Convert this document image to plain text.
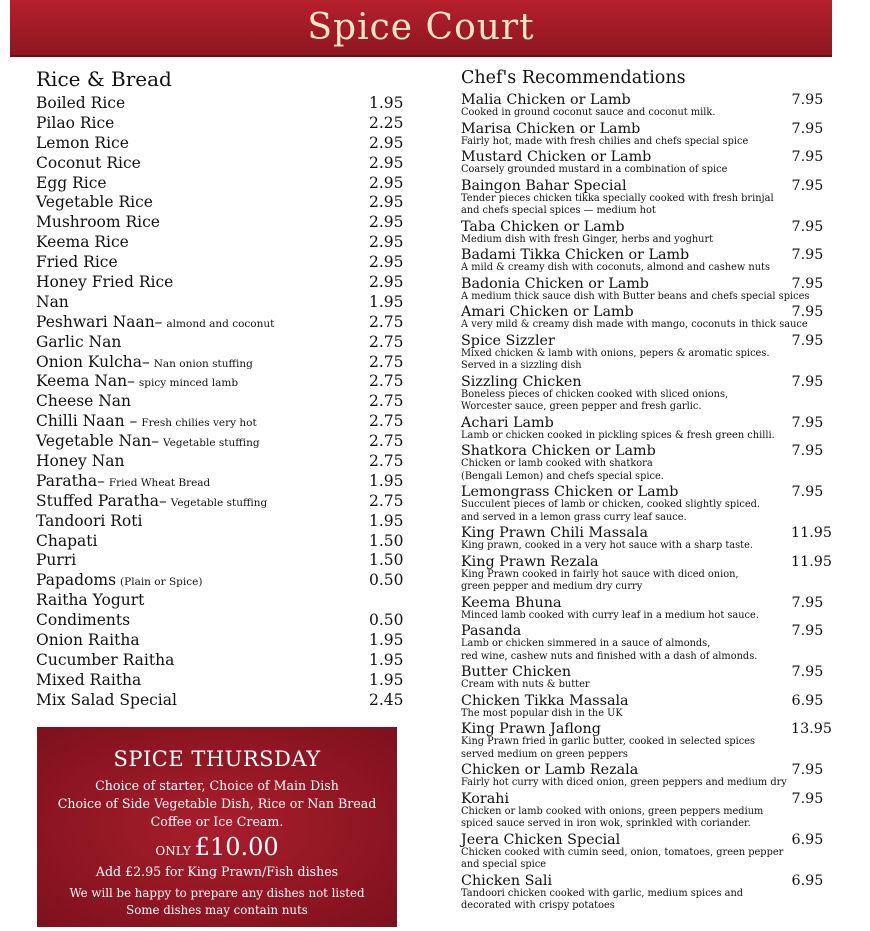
Spice Court
Rice & Bread
Boiled Rice	1.95
Pilao Rice	2.25
Lemon Rice	2.95
Coconut Rice	2.95
Egg Rice	2.95
Vegetable Rice	2.95
Mushroom Rice	2.95
Keema Rice	2.95
Fried Rice	2.95
Honey Fried Rice	2.95
Nan	1.95
Peshwari Naan– almond and coconut	2.75
Garlic Nan	2.75
Onion Kulcha– Nan onion stuffing	2.75
Keema Nan– spicy minced lamb	2.75
Cheese Nan	2.75
Chilli Naan – Fresh chilies very hot	2.75
Vegetable Nan– Vegetable stuffing	2.75
Honey Nan	2.75
Paratha– Fried Wheat Bread	1.95
Stuffed Paratha– Vegetable stuffing	2.75
Tandoori Roti	1.95
Chapati	1.50
Purri	1.50
Papadoms (Plain or Spice)	0.50
Raitha Yogurt
Condiments	0.50
Onion Raitha	1.95
Cucumber Raitha	1.95
Mixed Raitha	1.95
Mix Salad Special	2.45
Chef's Recommendations
Malia Chicken or Lamb	7.95
Cooked in ground coconut sauce and coconut milk.
Marisa Chicken or Lamb	7.95
Fairly hot, made with fresh chilies and chefs special spice
Mustard Chicken or Lamb	7.95
Coarsely grounded mustard in a combination of spice
Baingon Bahar Special	7.95
Tender pieces chicken tikka specially cooked with fresh brinjal
and chefs special spices — medium hot
Taba Chicken or Lamb	7.95
Medium dish with fresh Ginger, herbs and yoghurt
Badami Tikka Chicken or Lamb	7.95
A mild & creamy dish with coconuts, almond and cashew nuts
Badonia Chicken or Lamb	7.95
A medium thick sauce dish with Butter beans and chefs special spices
Amari Chicken or Lamb	7.95
A very mild & creamy dish made with mango, coconuts in thick sauce
Spice Sizzler	7.95
Mixed chicken & lamb with onions, pepers & aromatic spices.
Served in a sizzling dish
Sizzling Chicken	7.95
Boneless pieces of chicken cooked with sliced onions,
Worcester sauce, green pepper and fresh garlic.
Achari Lamb	7.95
Lamb or chicken cooked in pickling spices & fresh green chilli.
Shatkora Chicken or Lamb	7.95
Chicken or lamb cooked with shatkora
(Bengali Lemon) and chefs special spice.
Lemongrass Chicken or Lamb	7.95
Succulent pieces of lamb or chicken, cooked slightly spiced.
and served in a lemon grass curry leaf sauce.
King Prawn Chili Massala	11.95
King prawn, cooked in a very hot sauce with a sharp taste.
King Prawn Rezala	11.95
King Prawn cooked in fairly hot sauce with diced onion,
green pepper and medium dry curry
Keema Bhuna	7.95
Minced lamb cooked with curry leaf in a medium hot sauce.
Pasanda	7.95
Lamb or chicken simmered in a sauce of almonds,
red wine, cashew nuts and finished with a dash of almonds.
Butter Chicken	7.95
Cream with nuts & butter
Chicken Tikka Massala	6.95
The most popular dish in the UK
King Prawn Jaflong	13.95
King Prawn fried in garlic butter, cooked in selected spices
served medium on green peppers
Chicken or Lamb Rezala	7.95
Fairly hot curry with diced onion, green peppers and medium dry
Korahi	7.95
Chicken or lamb cooked with onions, green peppers medium
spiced sauce served in iron wok, sprinkled with coriander.
Jeera Chicken Special	6.95
Chicken cooked with cumin seed, onion, tomatoes, green pepper
and special spice
Chicken Sali	6.95
Tandoori chicken cooked with garlic, medium spices and
decorated with crispy potatoes
SPICE THURSDAY
Choice of starter, Choice of Main Dish
Choice of Side Vegetable Dish, Rice or Nan Bread
Coffee or Ice Cream.
ONLY £10.00
Add £2.95 for King Prawn/Fish dishes
We will be happy to prepare any dishes not listed
Some dishes may contain nuts
